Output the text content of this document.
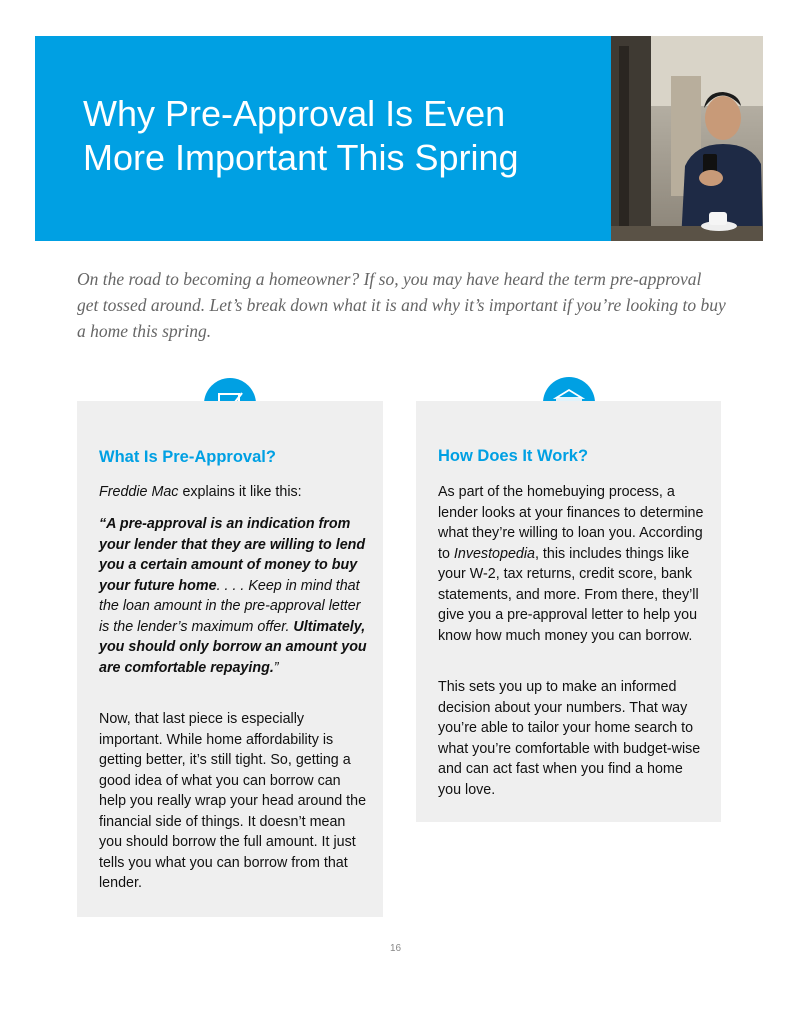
Why Pre-Approval Is Even More Important This Spring

On the road to becoming a homeowner? If so, you may have heard the term pre-approval get tossed around. Let’s break down what it is and why it’s important if you’re looking to buy a home this spring.

What Is Pre-Approval?

Freddie Mac explains it like this:

“A pre-approval is an indication from your lender that they are willing to lend you a certain amount of money to buy your future home. . . . Keep in mind that the loan amount in the pre-approval letter is the lender’s maximum offer. Ultimately, you should only borrow an amount you are comfortable repaying.”

Now, that last piece is especially important. While home affordability is getting better, it’s still tight. So, getting a good idea of what you can borrow can help you really wrap your head around the financial side of things. It doesn’t mean you should borrow the full amount. It just tells you what you can borrow from that lender.

How Does It Work?

As part of the homebuying process, a lender looks at your finances to determine what they’re willing to loan you. According to Investopedia, this includes things like your W-2, tax returns, credit score, bank statements, and more. From there, they’ll give you a pre-approval letter to help you know how much money you can borrow.

This sets you up to make an informed decision about your numbers. That way you’re able to tailor your home search to what you’re comfortable with budget-wise and can act fast when you find a home you love.

16
